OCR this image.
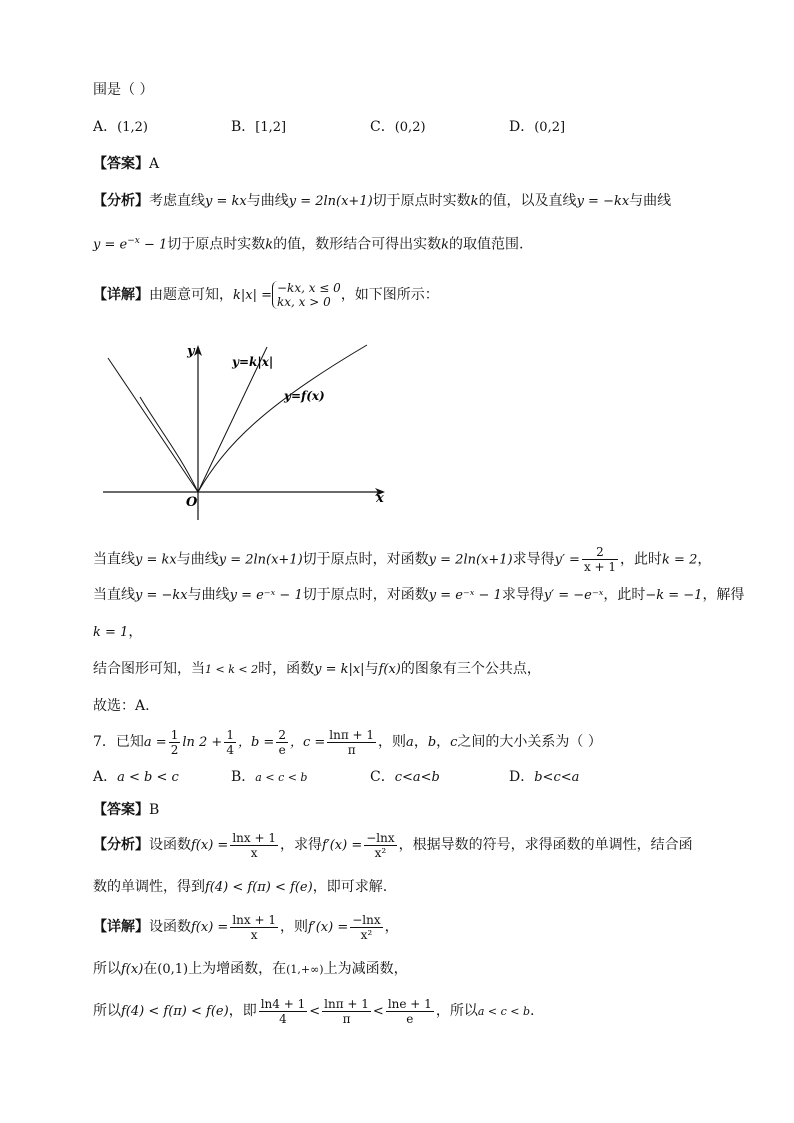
围是（ ）
A．(1,2)	B．[1,2]	C．(0,2)	D．(0,2]
【答案】A
【分析】考虑直线y = kx与曲线y = 2ln(x+1)切于原点时实数k的值，以及直线y = −kx与曲线
$y = e^{-x} - 1$切于原点时实数k的值，数形结合可得出实数k的取值范围.
【详解】由题意可知，k|x| = −kx, x ≤ 0
kx, x > 0 ，如下图所示：
y
x
O
y=k|x|
y=f(x)
当直线y = kx与曲线y = 2ln(x+1)切于原点时，对函数y = 2ln(x+1)求导得$y' = \frac{2}{x + 1}$ ，此时k = 2，
当直线y = −kx与曲线y = e⁻ˣ − 1切于原点时，对函数y = e⁻ˣ − 1求导得y′ = −e⁻ˣ，此时−k = −1，解得
k = 1，
结合图形可知，当1 < k < 2时，函数y = k|x|与f(x)的图象有三个公共点，
故选：A.
7．已知$a = \frac{1}{2}$ $\ln 2 + \frac{1}{4}$ ，$b = \frac{2}{e}$ ，$c = \frac{\ln\pi + 1}{\pi}$ ，则a，b，c之间的大小关系为（ ）
A．a < b < c	B．a < c < b	C．c<a<b	D．b<c<a
【答案】B
【分析】设函数$f(x) = \frac{\ln x + 1}{x}$ ，求得$f'(x) = \frac{-\ln x}{\text{x²}}$ ，根据导数的符号，求得函数的单调性，结合函
数的单调性，得到f(4) < f(π) < f(e)，即可求解.
【详解】设函数$f(x) = \frac{\ln x + 1}{x}$ ，则$f'(x) = \frac{-\ln x}{\text{x²}}$ ，
所以f(x)在(0,1)上为增函数，在(1,+∞)上为减函数，
所以f(4) < f(π) < f(e)，即 $\frac{\ln 4 + 1}{4} < \frac{\ln\pi + 1}{\pi} < \frac{\ln e + 1}{e}$ ，所以a < c < b.
